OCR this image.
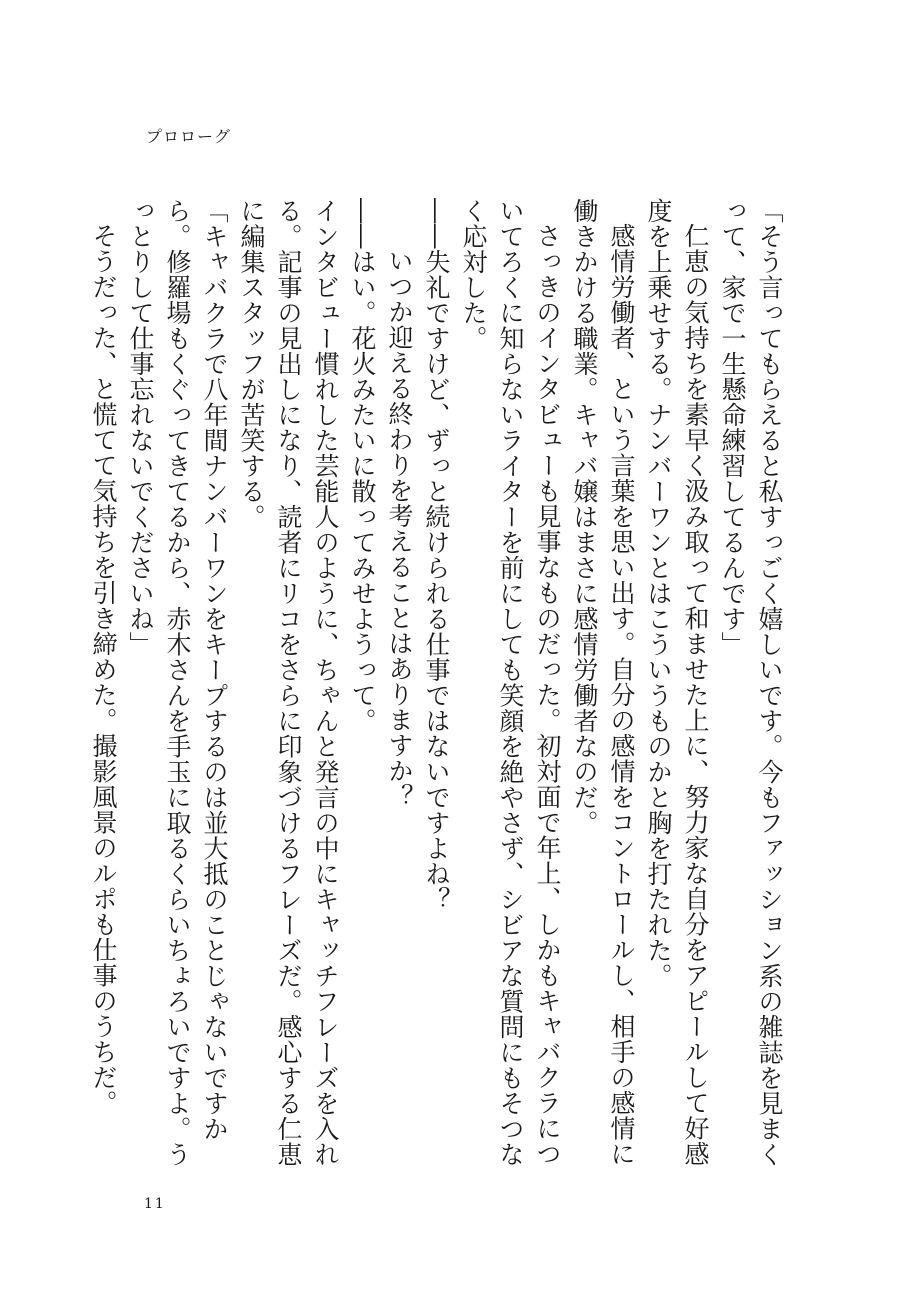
プロローグ

「そう言ってもらえると私すっごく嬉しいです。今もファッション系の雑誌を見まくって、家で一生懸命練習してるんです」

仁恵の気持ちを素早く汲み取って和ませた上に、努力家な自分をアピールして好感度を上乗せする。ナンバーワンとはこういうものかと胸を打たれた。

感情労働者、という言葉を思い出す。自分の感情をコントロールし、相手の感情に働きかける職業。キャバ嬢はまさに感情労働者なのだ。

さっきのインタビューも見事なものだった。初対面で年上、しかもキャバクラについてろくに知らないライターを前にしても笑顔を絶やさず、シビアな質問にもそつなく応対した。

――失礼ですけど、ずっと続けられる仕事ではないですよね？

いつか迎える終わりを考えることはありますか？

――はい。花火みたいに散ってみせようって。

インタビュー慣れした芸能人のように、ちゃんと発言の中にキャッチフレーズを入れる。記事の見出しになり、読者にリコをさらに印象づけるフレーズだ。感心する仁恵に編集スタッフが苦笑する。

「キャバクラで八年間ナンバーワンをキープするのは並大抵のことじゃないですから。修羅場もくぐってきてるから、赤木さんを手玉に取るくらいちょろいですよ。うっとりして仕事忘れないでくださいね」

そうだった、と慌てて気持ちを引き締めた。撮影風景のルポも仕事のうちだ。

11
